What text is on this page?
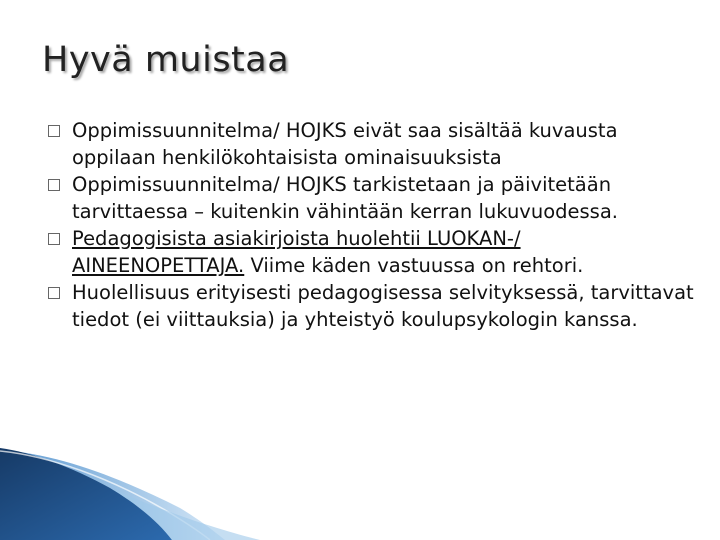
Hyvä muistaa
Oppimissuunnitelma/ HOJKS eivät saa sisältää kuvausta oppilaan henkilökohtaisista ominaisuuksista
Oppimissuunnitelma/ HOJKS tarkistetaan ja päivitetään tarvittaessa – kuitenkin vähintään kerran lukuvuodessa.
Pedagogisista asiakirjoista huolehtii LUOKAN-/ AINEENOPETTAJA. Viime käden vastuussa on rehtori.
Huolellisuus erityisesti pedagogisessa selvityksessä, tarvittavat tiedot (ei viittauksia) ja yhteistyö koulupsykologin kanssa.
